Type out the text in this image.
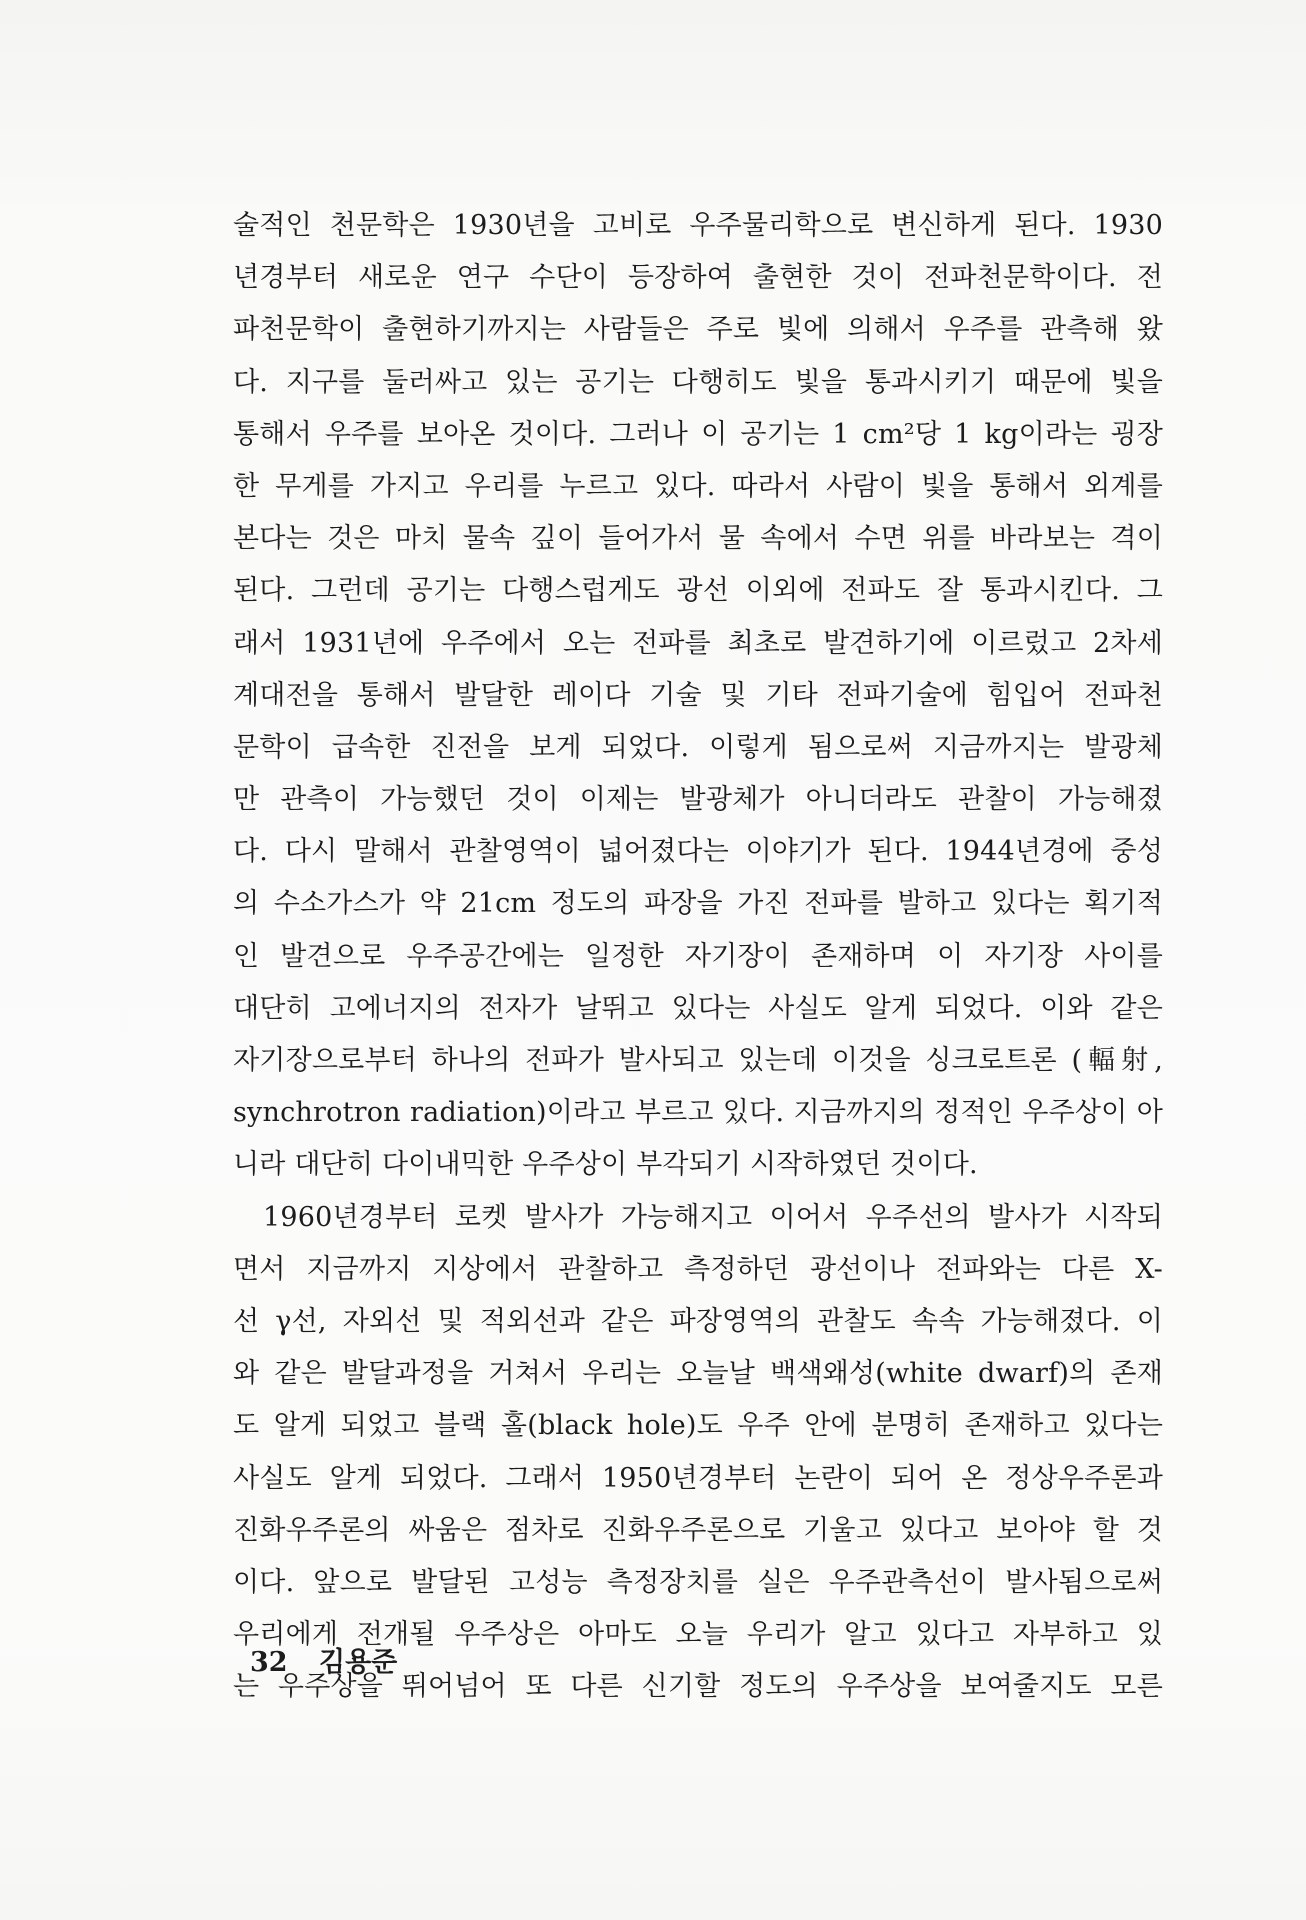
술적인 천문학은 1930년을 고비로 우주물리학으로 변신하게 된다. 1930
년경부터 새로운 연구 수단이 등장하여 출현한 것이 전파천문학이다. 전
파천문학이 출현하기까지는 사람들은 주로 빛에 의해서 우주를 관측해 왔
다. 지구를 둘러싸고 있는 공기는 다행히도 빛을 통과시키기 때문에 빛을
통해서 우주를 보아온 것이다. 그러나 이 공기는 1 cm²당 1 kg이라는 굉장
한 무게를 가지고 우리를 누르고 있다. 따라서 사람이 빛을 통해서 외계를
본다는 것은 마치 물속 깊이 들어가서 물 속에서 수면 위를 바라보는 격이
된다. 그런데 공기는 다행스럽게도 광선 이외에 전파도 잘 통과시킨다. 그
래서 1931년에 우주에서 오는 전파를 최초로 발견하기에 이르렀고 2차세
계대전을 통해서 발달한 레이다 기술 및 기타 전파기술에 힘입어 전파천
문학이 급속한 진전을 보게 되었다. 이렇게 됨으로써 지금까지는 발광체
만 관측이 가능했던 것이 이제는 발광체가 아니더라도 관찰이 가능해졌
다. 다시 말해서 관찰영역이 넓어졌다는 이야기가 된다. 1944년경에 중성
의 수소가스가 약 21cm 정도의 파장을 가진 전파를 발하고 있다는 획기적
인 발견으로 우주공간에는 일정한 자기장이 존재하며 이 자기장 사이를
대단히 고에너지의 전자가 날뛰고 있다는 사실도 알게 되었다. 이와 같은
자기장으로부터 하나의 전파가 발사되고 있는데 이것을 싱크로트론 (輻射,
synchrotron radiation)이라고 부르고 있다. 지금까지의 정적인 우주상이 아
니라 대단히 다이내믹한 우주상이 부각되기 시작하였던 것이다.
1960년경부터 로켓 발사가 가능해지고 이어서 우주선의 발사가 시작되
면서 지금까지 지상에서 관찰하고 측정하던 광선이나 전파와는 다른 X-
선 γ선, 자외선 및 적외선과 같은 파장영역의 관찰도 속속 가능해졌다. 이
와 같은 발달과정을 거쳐서 우리는 오늘날 백색왜성(white dwarf)의 존재
도 알게 되었고 블랙 홀(black hole)도 우주 안에 분명히 존재하고 있다는
사실도 알게 되었다. 그래서 1950년경부터 논란이 되어 온 정상우주론과
진화우주론의 싸움은 점차로 진화우주론으로 기울고 있다고 보아야 할 것
이다. 앞으로 발달된 고성능 측정장치를 실은 우주관측선이 발사됨으로써
우리에게 전개될 우주상은 아마도 오늘 우리가 알고 있다고 자부하고 있
는 우주상을 뛰어넘어 또 다른 신기할 정도의 우주상을 보여줄지도 모른
32 김용준
